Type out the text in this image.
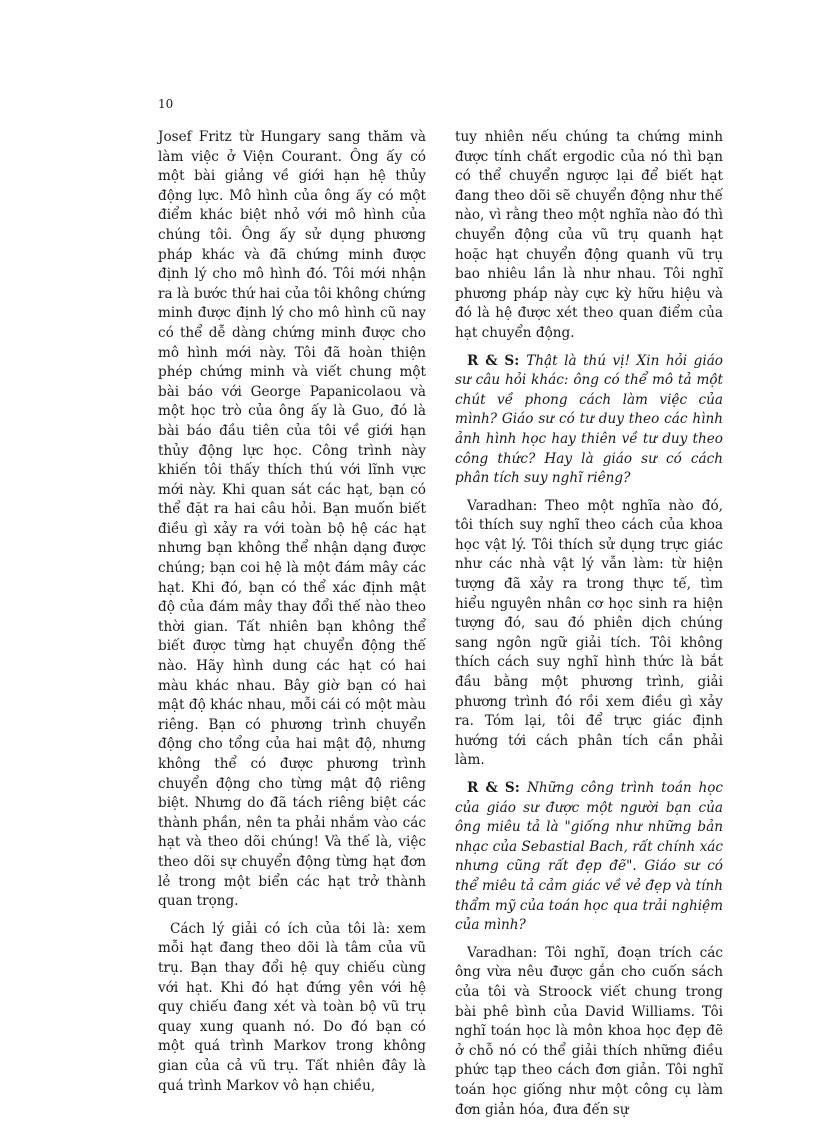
10

Josef Fritz từ Hungary sang thăm và làm việc ở Viện Courant. Ông ấy có một bài giảng về giới hạn hệ thủy động lực. Mô hình của ông ấy có một điểm khác biệt nhỏ với mô hình của chúng tôi. Ông ấy sử dụng phương pháp khác và đã chứng minh được định lý cho mô hình đó. Tôi mới nhận ra là bước thứ hai của tôi không chứng minh được định lý cho mô hình cũ nay có thể dễ dàng chứng minh được cho mô hình mới này. Tôi đã hoàn thiện phép chứng minh và viết chung một bài báo với George Papanicolaou và một học trò của ông ấy là Guo, đó là bài báo đầu tiên của tôi về giới hạn thủy động lực học. Công trình này khiến tôi thấy thích thú với lĩnh vực mới này. Khi quan sát các hạt, bạn có thể đặt ra hai câu hỏi. Bạn muốn biết điều gì xảy ra với toàn bộ hệ các hạt nhưng bạn không thể nhận dạng được chúng; bạn coi hệ là một đám mây các hạt. Khi đó, bạn có thể xác định mật độ của đám mây thay đổi thế nào theo thời gian. Tất nhiên bạn không thể biết được từng hạt chuyển động thế nào. Hãy hình dung các hạt có hai màu khác nhau. Bây giờ bạn có hai mật độ khác nhau, mỗi cái có một màu riêng. Bạn có phương trình chuyển động cho tổng của hai mật độ, nhưng không thể có được phương trình chuyển động cho từng mật độ riêng biệt. Nhưng do đã tách riêng biệt các thành phần, nên ta phải nhắm vào các hạt và theo dõi chúng! Và thế là, việc theo dõi sự chuyển động từng hạt đơn lẻ trong một biển các hạt trở thành quan trọng.

Cách lý giải có ích của tôi là: xem mỗi hạt đang theo dõi là tâm của vũ trụ. Bạn thay đổi hệ quy chiếu cùng với hạt. Khi đó hạt đứng yên với hệ quy chiếu đang xét và toàn bộ vũ trụ quay xung quanh nó. Do đó bạn có một quá trình Markov trong không gian của cả vũ trụ. Tất nhiên đây là quá trình Markov vô hạn chiều,

tuy nhiên nếu chúng ta chứng minh được tính chất ergodic của nó thì bạn có thể chuyển ngược lại để biết hạt đang theo dõi sẽ chuyển động như thế nào, vì rằng theo một nghĩa nào đó thì chuyển động của vũ trụ quanh hạt hoặc hạt chuyển động quanh vũ trụ bao nhiêu lần là như nhau. Tôi nghĩ phương pháp này cực kỳ hữu hiệu và đó là hệ được xét theo quan điểm của hạt chuyển động.

R & S: Thật là thú vị! Xin hỏi giáo sư câu hỏi khác: ông có thể mô tả một chút về phong cách làm việc của mình? Giáo sư có tư duy theo các hình ảnh hình học hay thiên về tư duy theo công thức? Hay là giáo sư có cách phân tích suy nghĩ riêng?

Varadhan: Theo một nghĩa nào đó, tôi thích suy nghĩ theo cách của khoa học vật lý. Tôi thích sử dụng trực giác như các nhà vật lý vẫn làm: từ hiện tượng đã xảy ra trong thực tế, tìm hiểu nguyên nhân cơ học sinh ra hiện tượng đó, sau đó phiên dịch chúng sang ngôn ngữ giải tích. Tôi không thích cách suy nghĩ hình thức là bắt đầu bằng một phương trình, giải phương trình đó rồi xem điều gì xảy ra. Tóm lại, tôi để trực giác định hướng tới cách phân tích cần phải làm.

R & S: Những công trình toán học của giáo sư được một người bạn của ông miêu tả là "giống như những bản nhạc của Sebastial Bach, rất chính xác nhưng cũng rất đẹp đẽ". Giáo sư có thể miêu tả cảm giác về vẻ đẹp và tính thẩm mỹ của toán học qua trải nghiệm của mình?

Varadhan: Tôi nghĩ, đoạn trích các ông vừa nêu được gắn cho cuốn sách của tôi và Stroock viết chung trong bài phê bình của David Williams. Tôi nghĩ toán học là môn khoa học đẹp đẽ ở chỗ nó có thể giải thích những điều phức tạp theo cách đơn giản. Tôi nghĩ toán học giống như một công cụ làm đơn giản hóa, đưa đến sự
